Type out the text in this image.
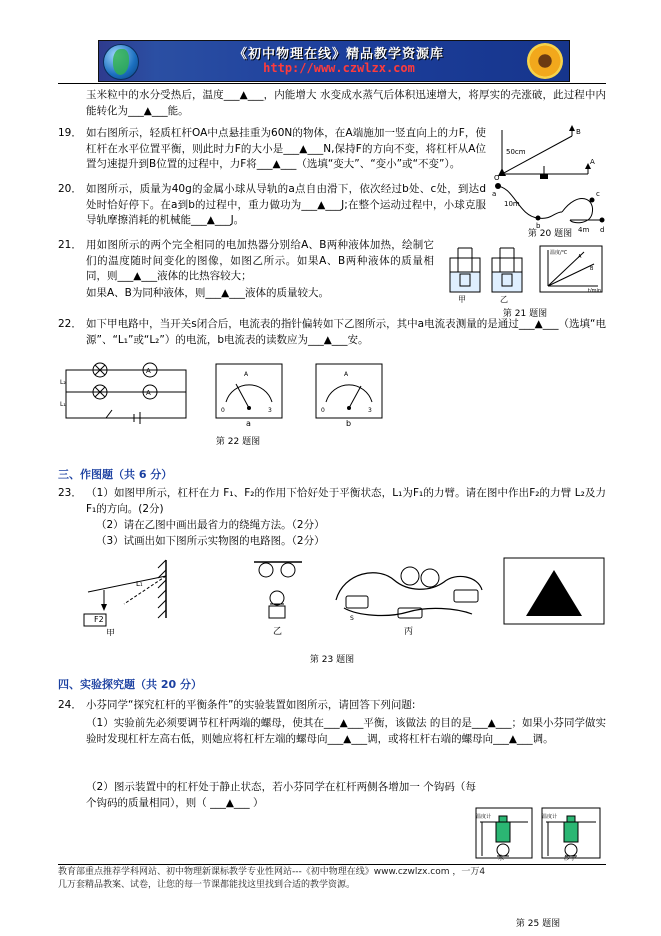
《初中物理在线》精品教学资源库
http://www.czwlzx.com
玉米粒中的水分受热后，温度___▲___，内能增大 水变成水蒸气后体积迅速增大，将厚实的壳涨破，此过程中内能转化为___▲___能。
19． 如右图所示，轻质杠杆OA中点悬挂重为60N的物体，在A端施加一竖直向上的力F，使杠杆在水平位置平衡，则此时力F的大小是___▲___N,保持F的方向不变，将杠杆从A位置匀速提升到B位置的过程中，力F将___▲___（选填“变大”、“变小”或“不变”）。
B
A
O
50cm
20． 如图所示，质量为40g的金属小球从导轨的a点自由滑下，依次经过b处、c处，到达d处时恰好停下。在a到b的过程中，重力做功为___▲___J;在整个运动过程中，小球克服导轨摩擦消耗的机械能___▲___J。
a
b
c
d
10m
4m
第 20 题图
21． 用如图所示的两个完全相同的电加热器分别给A、B两种液体加热，绘制它们的温度随时间变化的图像，如图乙所示。如果A、B两种液体的质量相同，则___▲___液体的比热容较大；
如果A、B为同种液体，则___▲___液体的质量较大。
温度/℃
A
B
t/min
甲	乙
第 21 题图
22． 如下甲电路中，当开关s闭合后，电流表的指针偏转如下乙图所示，其中a电流表测量的是通过___▲___（选填“电源”、“L₁”或“L₂”）的电流，b电流表的读数应为___▲___安。
A
A
L₁
L₂
A
0	3
a
A
0	3
b
第 22 题图
三、作图题（共 6 分）
23． （1）如图甲所示，杠杆在力 F₁、F₂的作用下恰好处于平衡状态，L₁为F₁的力臂。请在图中作出F₂的力臂 L₂及力 F₁的方向。(2分)
（2）请在乙图中画出最省力的绕绳方法。（2分）
（3）试画出如下图所示实物图的电路图。（2分）
F2
L₁
甲	乙
S
丙
第 23 题图
四、实验探究题（共 20 分）
24． 小芬同学“探究杠杆的平衡条件”的实验装置如图所示，请回答下列问题:
（1）实验前先必须要调节杠杆两端的螺母，使其在___▲___平衡，该做法 的目的是___▲___；如果小芬同学做实验时发现杠杆左高右低，则她应将杠杆左端的螺母向___▲___调，或将杠杆右端的螺母向___▲___调。
（2）图示装置中的杠杆处于静止状态，若小芬同学在杠杆两侧各增加一 个钩码（每个钩码的质量相同），则（ ___▲___ ）
水
温度计
沙子
温度计
第 25 题图
教育部重点推荐学科网站、初中物理新课标教学专业性网站---《初中物理在线》www.czwlzx.com ，一万4
几万套精品教案、试卷，让您的每一节课都能找这里找到合适的教学资源。
